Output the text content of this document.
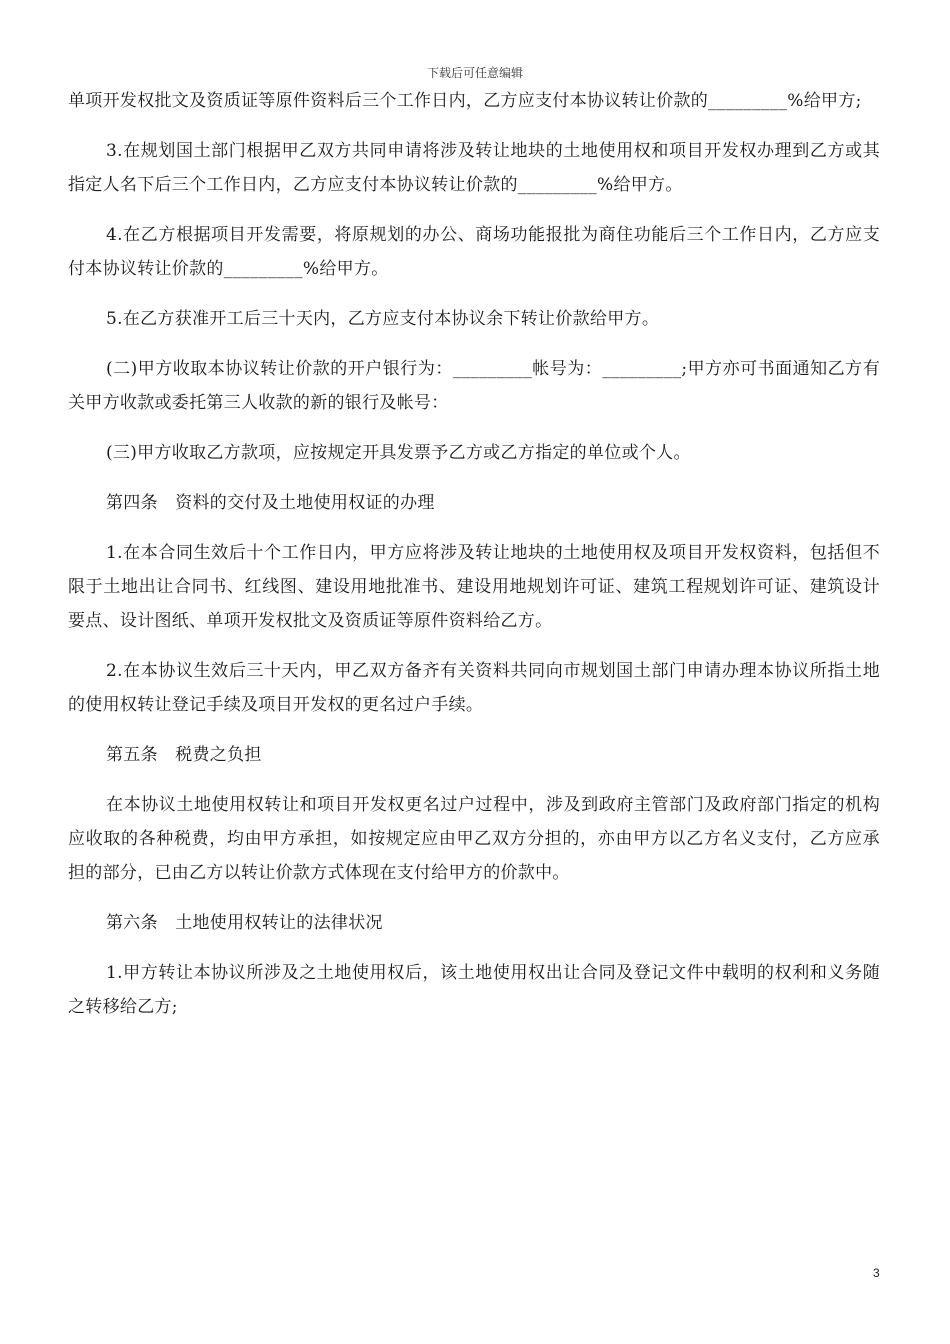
下载后可任意编辑

单项开发权批文及资质证等原件资料后三个工作日内，乙方应支付本协议转让价款的_________%给甲方;

3.在规划国土部门根据甲乙双方共同申请将涉及转让地块的土地使用权和项目开发权办理到乙方或其指定人名下后三个工作日内，乙方应支付本协议转让价款的_________%给甲方。

4.在乙方根据项目开发需要，将原规划的办公、商场功能报批为商住功能后三个工作日内，乙方应支付本协议转让价款的_________%给甲方。

5.在乙方获准开工后三十天内，乙方应支付本协议余下转让价款给甲方。

(二)甲方收取本协议转让价款的开户银行为：_________帐号为：_________;甲方亦可书面通知乙方有关甲方收款或委托第三人收款的新的银行及帐号：

(三)甲方收取乙方款项，应按规定开具发票予乙方或乙方指定的单位或个人。

第四条　资料的交付及土地使用权证的办理

1.在本合同生效后十个工作日内，甲方应将涉及转让地块的土地使用权及项目开发权资料，包括但不限于土地出让合同书、红线图、建设用地批准书、建设用地规划许可证、建筑工程规划许可证、建筑设计要点、设计图纸、单项开发权批文及资质证等原件资料给乙方。

2.在本协议生效后三十天内，甲乙双方备齐有关资料共同向市规划国土部门申请办理本协议所指土地的使用权转让登记手续及项目开发权的更名过户手续。

第五条　税费之负担

在本协议土地使用权转让和项目开发权更名过户过程中，涉及到政府主管部门及政府部门指定的机构应收取的各种税费，均由甲方承担，如按规定应由甲乙双方分担的，亦由甲方以乙方名义支付，乙方应承担的部分，已由乙方以转让价款方式体现在支付给甲方的价款中。

第六条　土地使用权转让的法律状况

1.甲方转让本协议所涉及之土地使用权后，该土地使用权出让合同及登记文件中载明的权利和义务随之转移给乙方;

3
